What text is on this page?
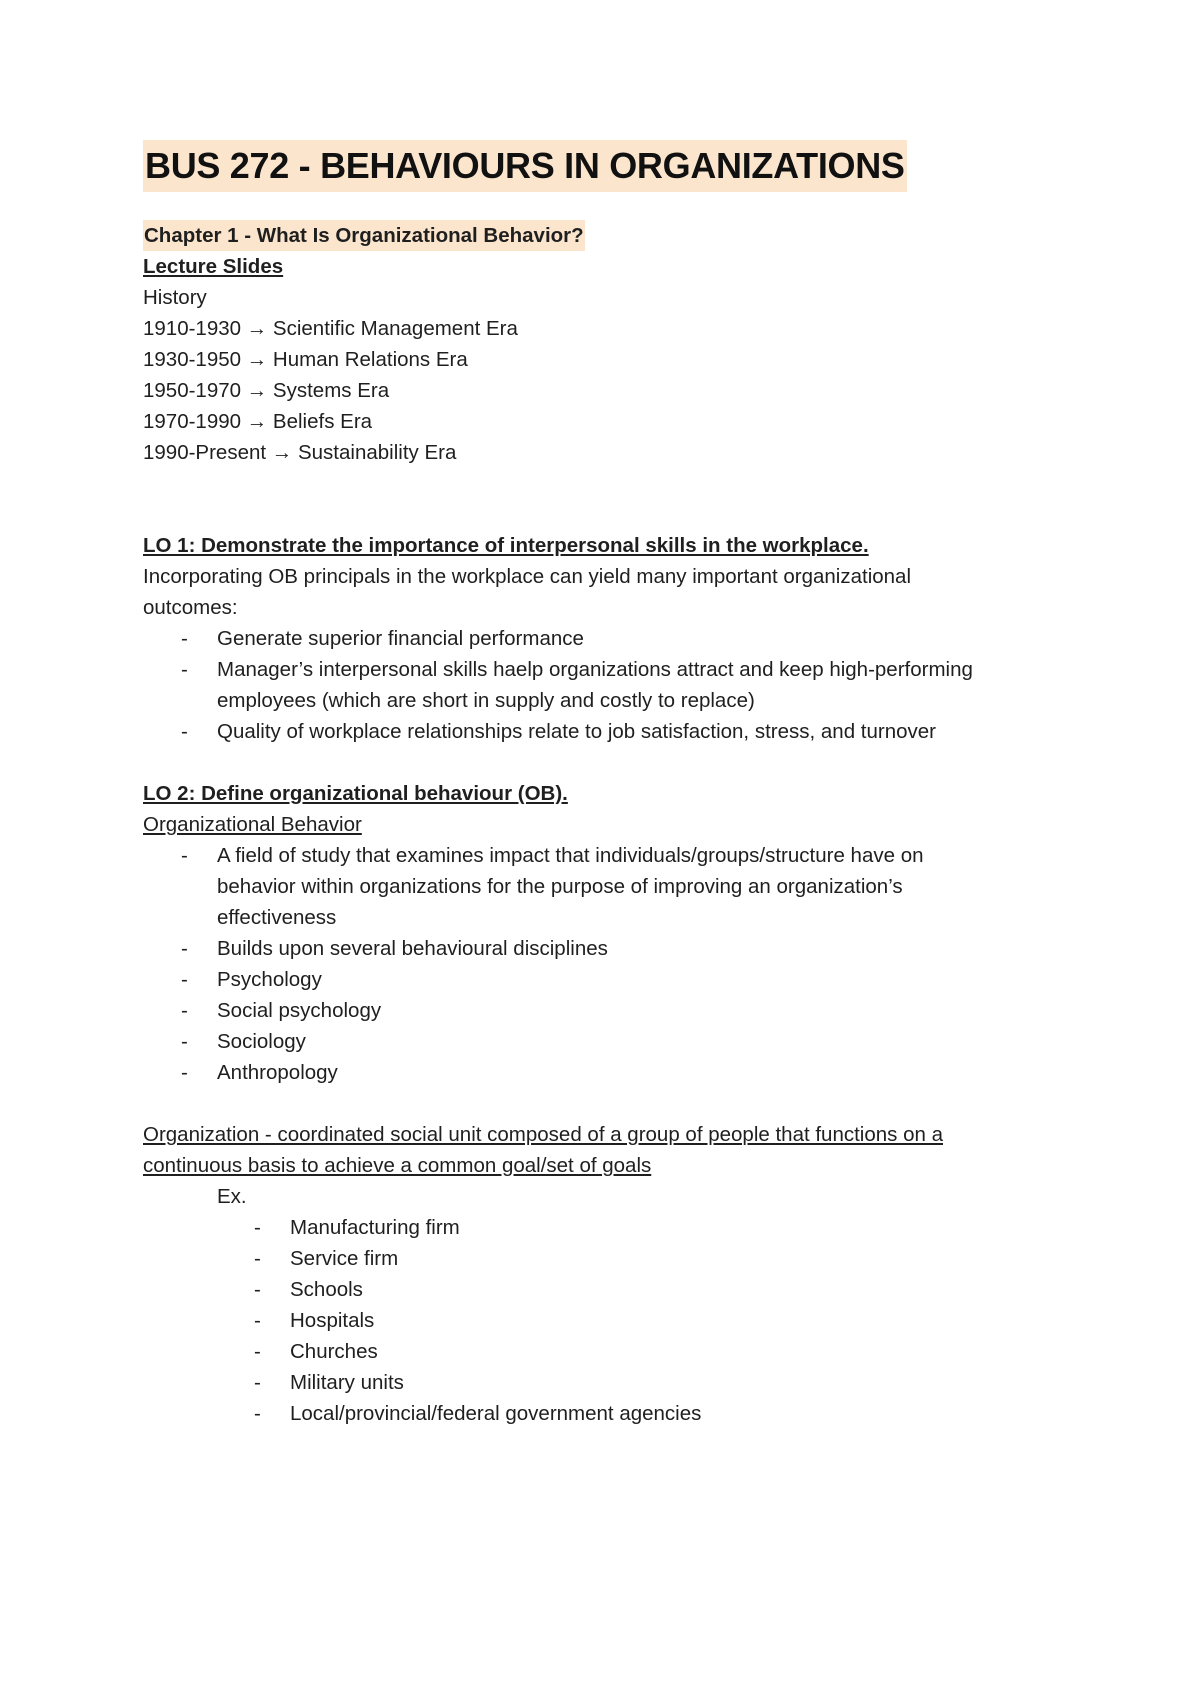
BUS 272 - BEHAVIOURS IN ORGANIZATIONS
Chapter 1 - What Is Organizational Behavior?
Lecture Slides
History
1910-1930 → Scientific Management Era
1930-1950 → Human Relations Era
1950-1970 → Systems Era
1970-1990 → Beliefs Era
1990-Present → Sustainability Era
LO 1: Demonstrate the importance of interpersonal skills in the workplace.
Incorporating OB principals in the workplace can yield many important organizational
outcomes:
- Generate superior financial performance
- Manager’s interpersonal skills haelp organizations attract and keep high-performing
employees (which are short in supply and costly to replace)
- Quality of workplace relationships relate to job satisfaction, stress, and turnover
LO 2: Define organizational behaviour (OB).
Organizational Behavior
- A field of study that examines impact that individuals/groups/structure have on
behavior within organizations for the purpose of improving an organization’s
effectiveness
- Builds upon several behavioural disciplines
- Psychology
- Social psychology
- Sociology
- Anthropology
Organization - coordinated social unit composed of a group of people that functions on a
continuous basis to achieve a common goal/set of goals
Ex.
- Manufacturing firm
- Service firm
- Schools
- Hospitals
- Churches
- Military units
- Local/provincial/federal government agencies
